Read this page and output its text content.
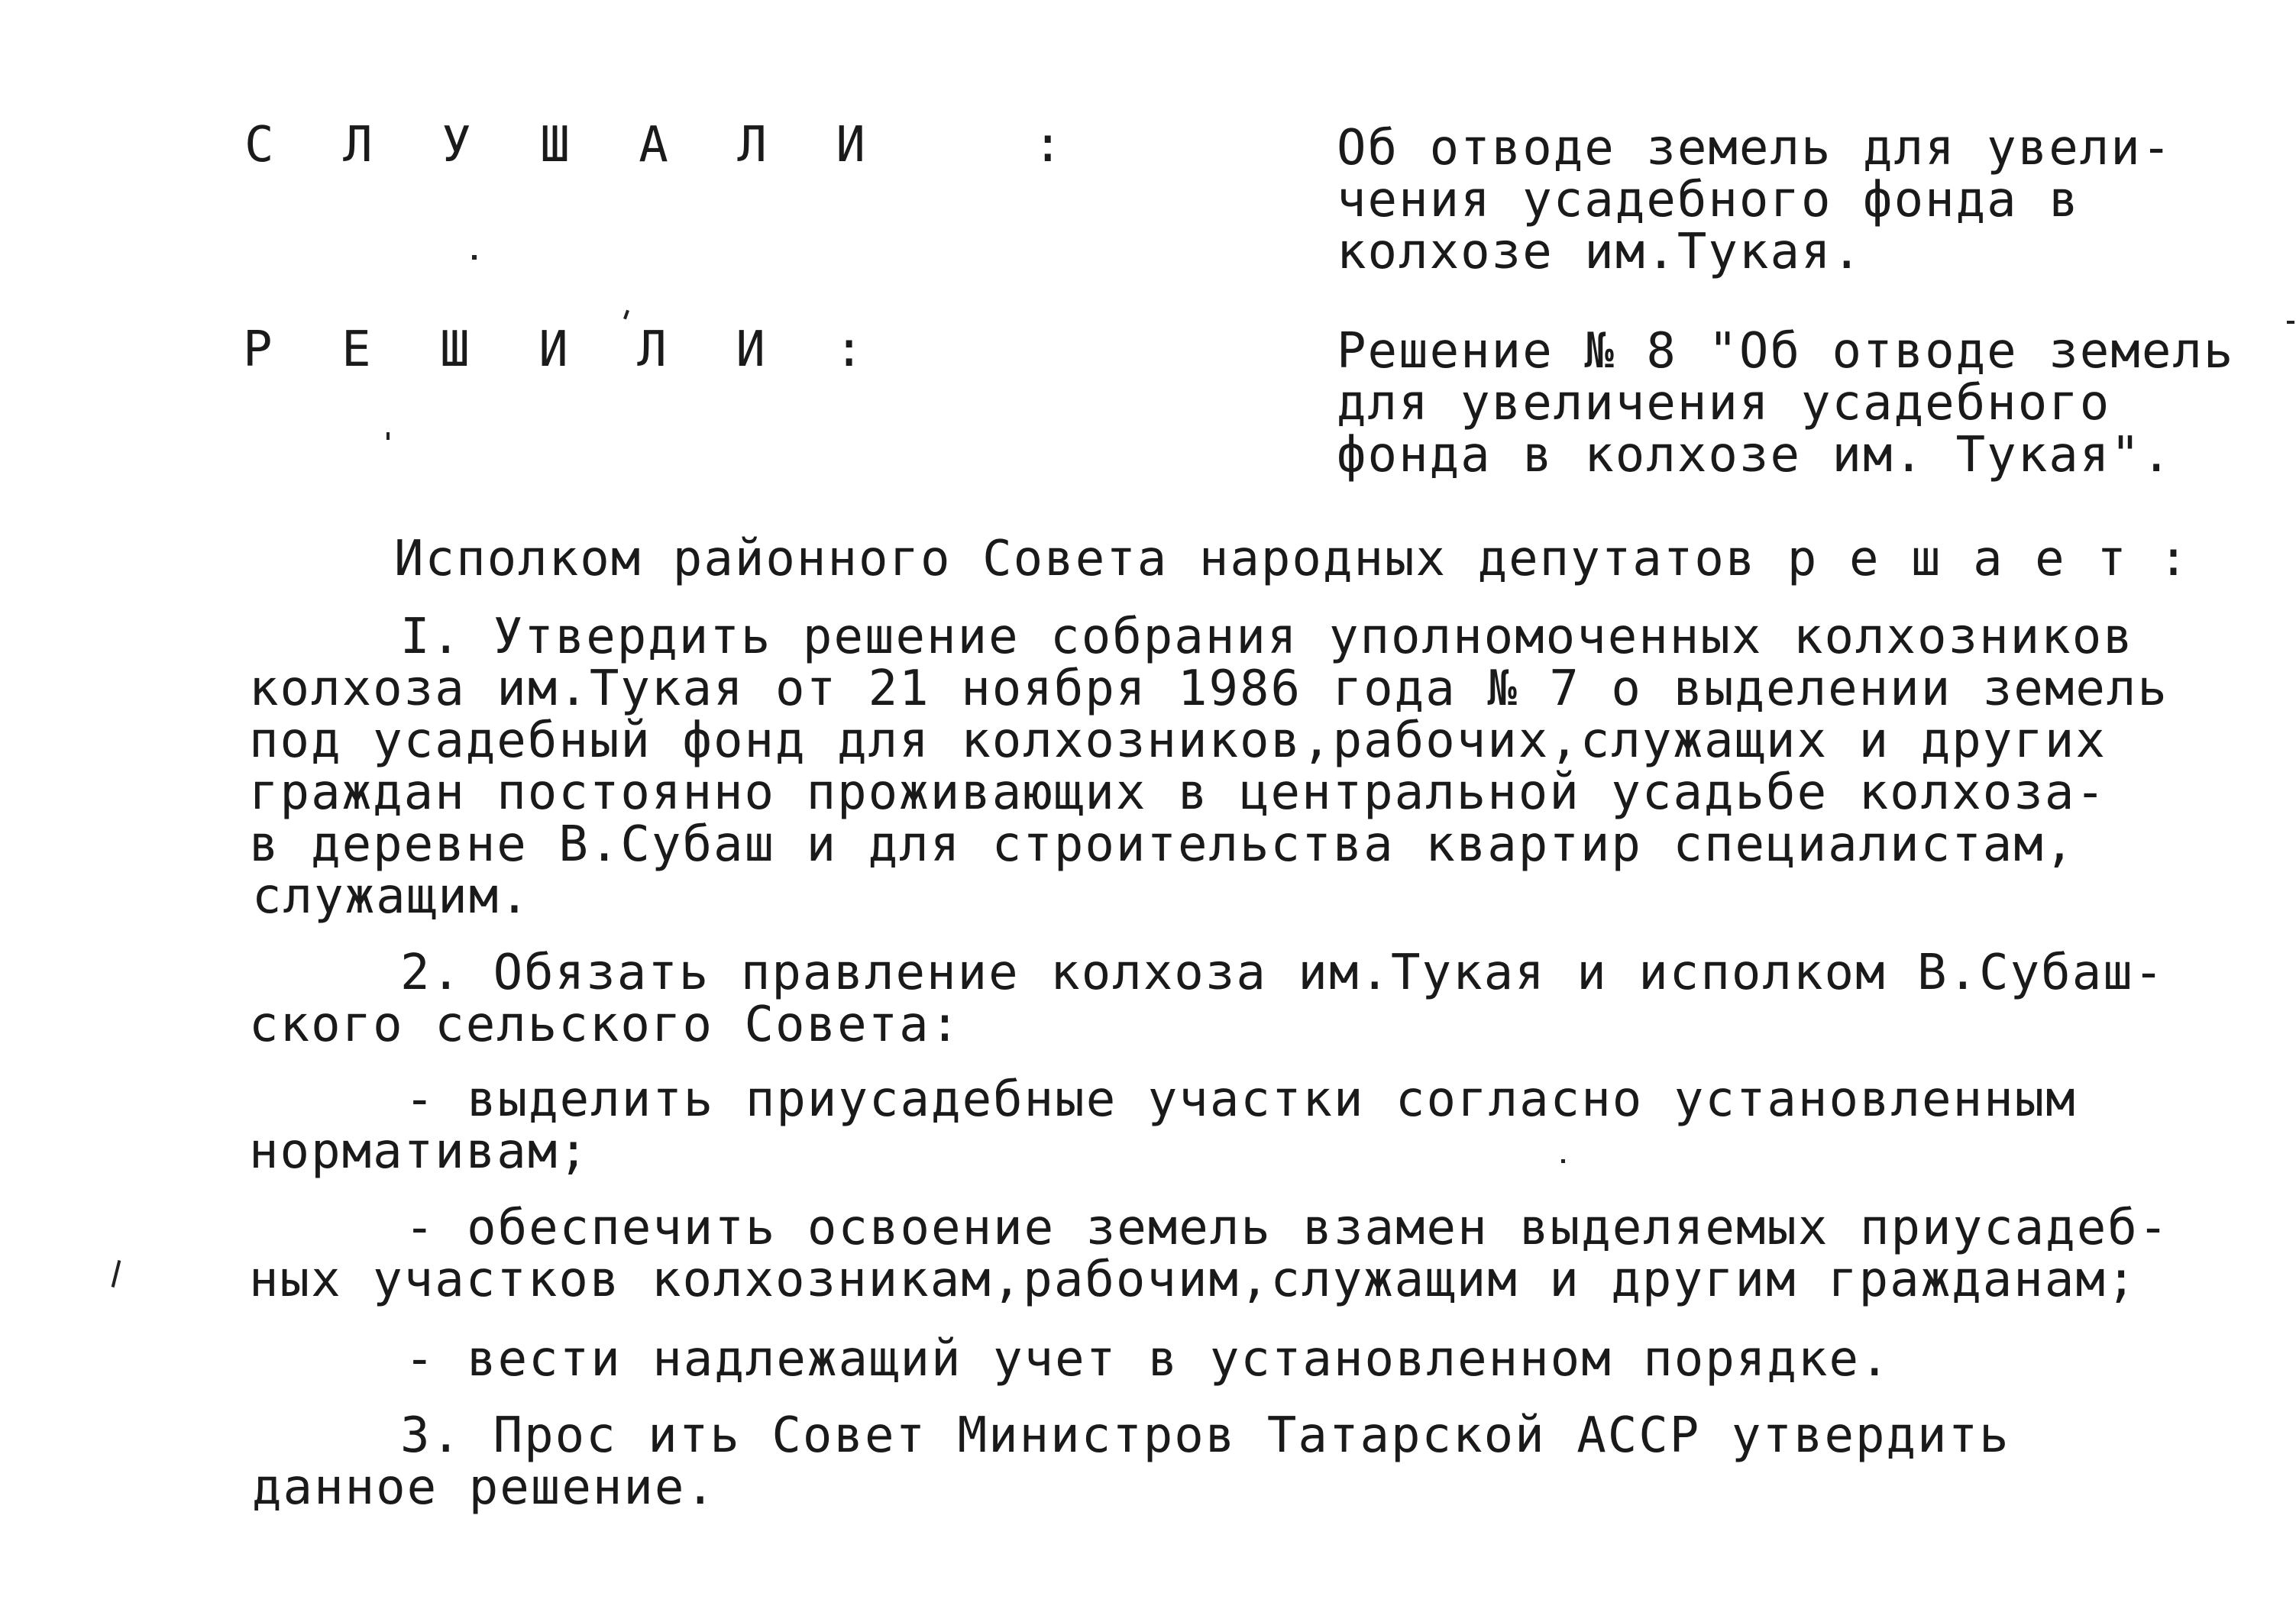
С Л У Ш А Л И   :
Р Е Ш И Л И :
Об отводе земель для увели-
чения усадебного фонда в
колхозе им.Тукая.
Решение № 8 "Об отводе земель
для увеличения усадебного
фонда в колхозе им. Тукая".
Исполком районного Совета народных депутатов р е ш а е т :
I. Утвердить решение собрания уполномоченных колхозников
колхоза им.Тукая от 21 ноября 1986 года № 7 о выделении земель
под усадебный фонд для колхозников,рабочих,служащих и других
граждан постоянно проживающих в центральной усадьбе колхоза-
в деревне В.Субаш и для строительства квартир специалистам,
служащим.
2. Обязать правление колхоза им.Тукая и исполком В.Субаш-
ского сельского Совета:
- выделить приусадебные участки согласно установленным
нормативам;
- обеспечить освоение земель взамен выделяемых приусадеб-
ных участков колхозникам,рабочим,служащим и другим гражданам;
- вести надлежащий учет в установленном порядке.
3. Прос ить Совет Министров Татарской АССР утвердить
данное решение.
